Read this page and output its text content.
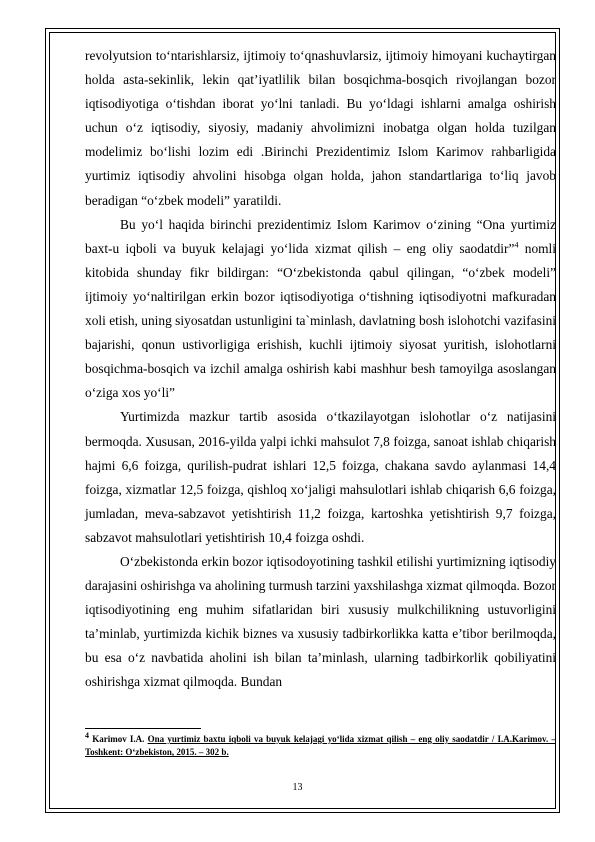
revolyutsion to‘ntarishlarsiz, ijtimoiy to‘qnashuvlarsiz, ijtimoiy himoyani kuchaytirgan holda asta-sekinlik, lekin qat’iyatlilik bilan bosqichma-bosqich rivojlangan bozor iqtisodiyotiga o‘tishdan iborat yo‘lni tanladi. Bu yo‘ldagi ishlarni amalga oshirish uchun o‘z iqtisodiy, siyosiy, madaniy ahvolimizni inobatga olgan holda tuzilgan modelimiz bo‘lishi lozim edi .Birinchi Prezidentimiz Islom Karimov rahbarligida yurtimiz iqtisodiy ahvolini hisobga olgan holda, jahon standartlariga to‘liq javob beradigan “o‘zbek modeli” yaratildi.

Bu yo‘l haqida birinchi prezidentimiz Islom Karimov o‘zining “Ona yurtimiz baxt-u iqboli va buyuk kelajagi yo‘lida xizmat qilish – eng oliy saodatdir”$^4$ nomli kitobida shunday fikr bildirgan: “O‘zbekistonda qabul qilingan, “o‘zbek modeli” ijtimoiy yo‘naltirilgan erkin bozor iqtisodiyotiga o‘tishning iqtisodiyotni mafkuradan xoli etish, uning siyosatdan ustunligini ta`minlash, davlatning bosh islohotchi vazifasini bajarishi, qonun ustivorligiga erishish, kuchli ijtimoiy siyosat yuritish, islohotlarni bosqichma-bosqich va izchil amalga oshirish kabi mashhur besh tamoyilga asoslangan o‘ziga xos yo‘li”

Yurtimizda mazkur tartib asosida o‘tkazilayotgan islohotlar o‘z natijasini bermoqda. Xususan, 2016-yilda yalpi ichki mahsulot 7,8 foizga, sanoat ishlab chiqarish hajmi 6,6 foizga, qurilish-pudrat ishlari 12,5 foizga, chakana savdo aylanmasi 14,4 foizga, xizmatlar 12,5 foizga, qishloq xo‘jaligi mahsulotlari ishlab chiqarish 6,6 foizga, jumladan, meva-sabzavot yetishtirish 11,2 foizga, kartoshka yetishtirish 9,7 foizga, sabzavot mahsulotlari yetishtirish 10,4 foizga oshdi.

O‘zbekistonda erkin bozor iqtisodoyotining tashkil etilishi yurtimizning iqtisodiy darajasini oshirishga va aholining turmush tarzini yaxshilashga xizmat qilmoqda. Bozor iqtisodiyotining eng muhim sifatlaridan biri xususiy mulkchilikning ustuvorligini ta’minlab, yurtimizda kichik biznes va xususiy tadbirkorlikka katta e’tibor berilmoqda, bu esa o‘z navbatida aholini ish bilan ta’minlash, ularning tadbirkorlik qobiliyatini oshirishga xizmat qilmoqda. Bundan

$^4$ Karimov I.A. Ona yurtimiz baxtu iqboli va buyuk kelajagi yo‘lida xizmat qilish – eng oliy saodatdir / I.A.Karimov. – Toshkent: O‘zbekiston, 2015. – 302 b.
13
